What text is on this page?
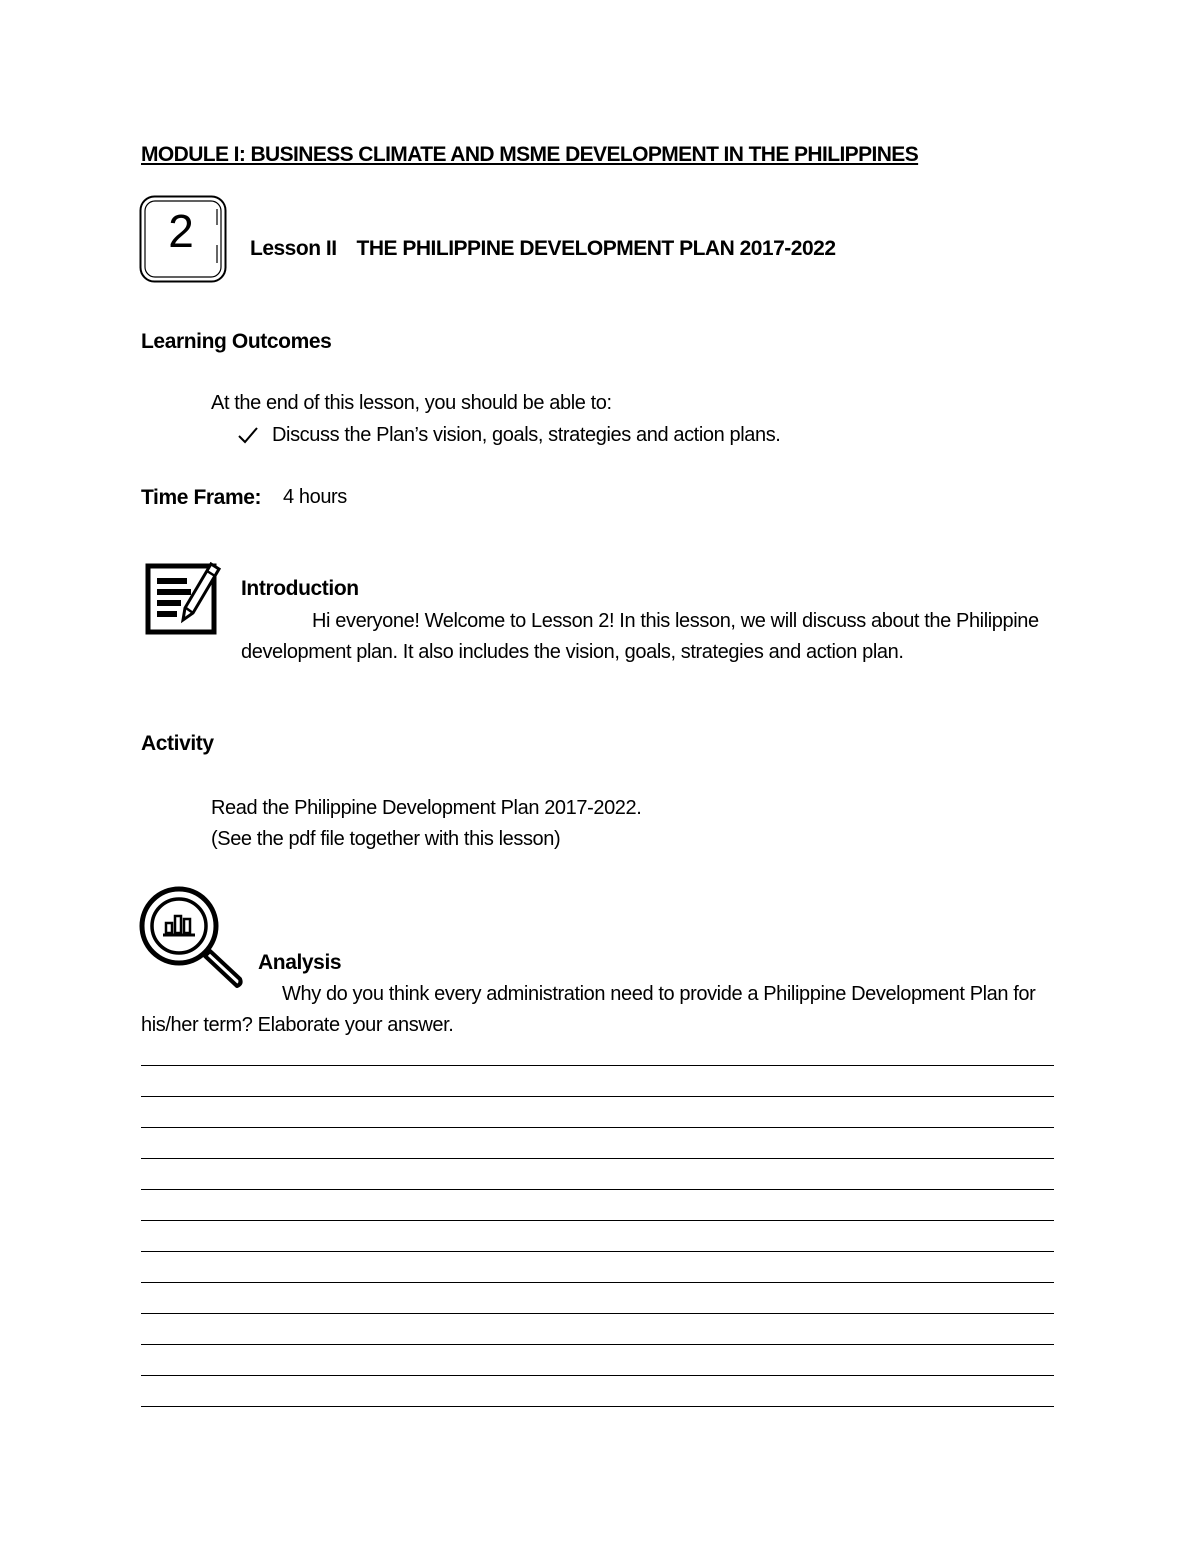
MODULE I: BUSINESS CLIMATE AND MSME DEVELOPMENT IN THE PHILIPPINES
2	Lesson II THE PHILIPPINE DEVELOPMENT PLAN 2017-2022
Learning Outcomes
At the end of this lesson, you should be able to:
Discuss the Plan’s vision, goals, strategies and action plans.
Time Frame: 4 hours
Introduction
Hi everyone! Welcome to Lesson 2! In this lesson, we will discuss about the Philippine development plan. It also includes the vision, goals, strategies and action plan.
Activity
Read the Philippine Development Plan 2017-2022.
(See the pdf file together with this lesson)
Analysis
Why do you think every administration need to provide a Philippine Development Plan for his/her term? Elaborate your answer.
